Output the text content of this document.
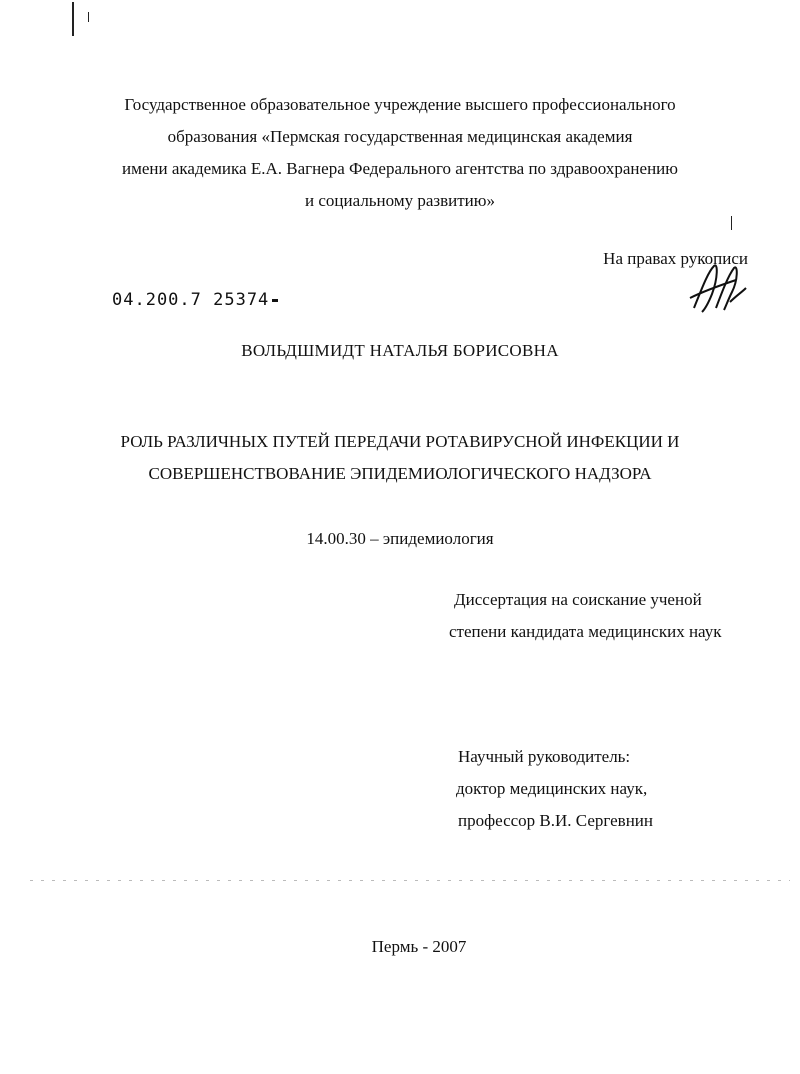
Государственное образовательное учреждение высшего профессионального
образования «Пермская государственная медицинская академия
имени академика Е.А. Вагнера Федерального агентства по здравоохранению
и социальному развитию»
На правах рукописи
04.200.7 25374
ВОЛЬДШМИДТ НАТАЛЬЯ БОРИСОВНА
РОЛЬ РАЗЛИЧНЫХ ПУТЕЙ ПЕРЕДАЧИ РОТАВИРУСНОЙ ИНФЕКЦИИ И
СОВЕРШЕНСТВОВАНИЕ ЭПИДЕМИОЛОГИЧЕСКОГО НАДЗОРА
14.00.30 – эпидемиология
Диссертация на соискание ученой
степени кандидата медицинских наук
Научный руководитель:
доктор медицинских наук,
профессор В.И. Сергевнин
Пермь - 2007
